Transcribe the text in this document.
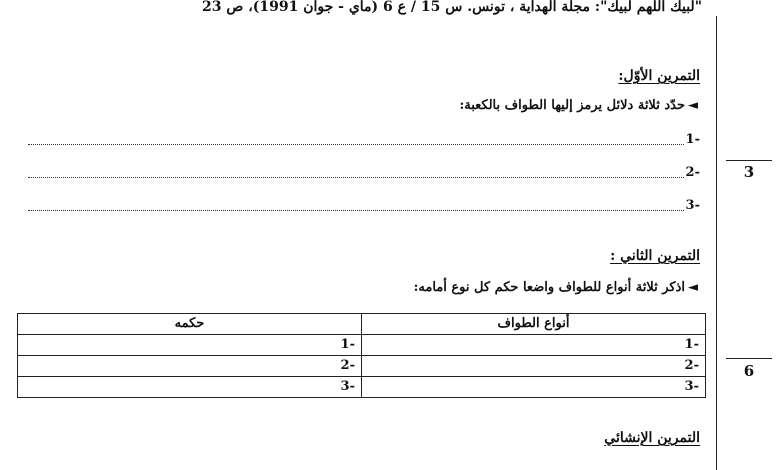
"لبيك اللهم لبيك": مجلة الهداية ، تونس. س 15 / ع 6 (ماي - جوان 1991)، ص 23
التمرين الأوّل:
◄حدّد ثلاثة دلائل يرمز إليها الطواف بالكعبة:
-1
-2
-3
3
التمرين الثاني :
◄اذكر ثلاثة أنواع للطواف واضعا حكم كل نوع أمامه:
أنواع الطواف	حكمه
-1	-1
-2	-2
-3	-3
6
التمرين الإنشائي
